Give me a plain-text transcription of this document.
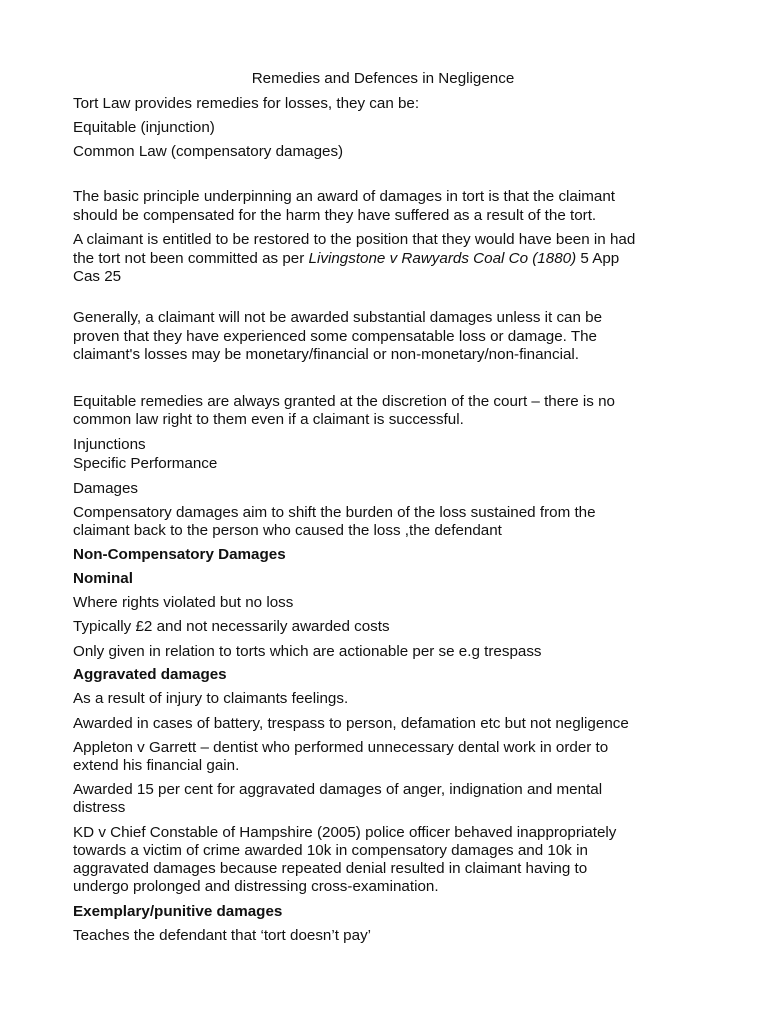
Remedies and Defences in Negligence

Tort Law provides remedies for losses, they can be:

Equitable (injunction)

Common Law (compensatory damages)

The basic principle underpinning an award of damages in tort is that the claimant

should be compensated for the harm they have suffered as a result of the tort.

A claimant is entitled to be restored to the position that they would have been in had

the tort not been committed as per Livingstone v Rawyards Coal Co (1880) 5 App

Cas 25

Generally, a claimant will not be awarded substantial damages unless it can be

proven that they have experienced some compensatable loss or damage. The

claimant's losses may be monetary/financial or non-monetary/non-financial.

Equitable remedies are always granted at the discretion of the court – there is no

common law right to them even if a claimant is successful.

Injunctions

Specific Performance

Damages

Compensatory damages aim to shift the burden of the loss sustained from the

claimant back to the person who caused the loss ,the defendant

Non-Compensatory Damages

Nominal

Where rights violated but no loss

Typically £2 and not necessarily awarded costs

Only given in relation to torts which are actionable per se e.g trespass

Aggravated damages

As a result of injury to claimants feelings.

Awarded in cases of battery, trespass to person, defamation etc but not negligence

Appleton v Garrett – dentist who performed unnecessary dental work in order to

extend his financial gain.

Awarded 15 per cent for aggravated damages of anger, indignation and mental

distress

KD v Chief Constable of Hampshire (2005) police officer behaved inappropriately

towards a victim of crime awarded 10k in compensatory damages and 10k in

aggravated damages because repeated denial resulted in claimant having to

undergo prolonged and distressing cross-examination.

Exemplary/punitive damages

Teaches the defendant that ‘tort doesn’t pay’
